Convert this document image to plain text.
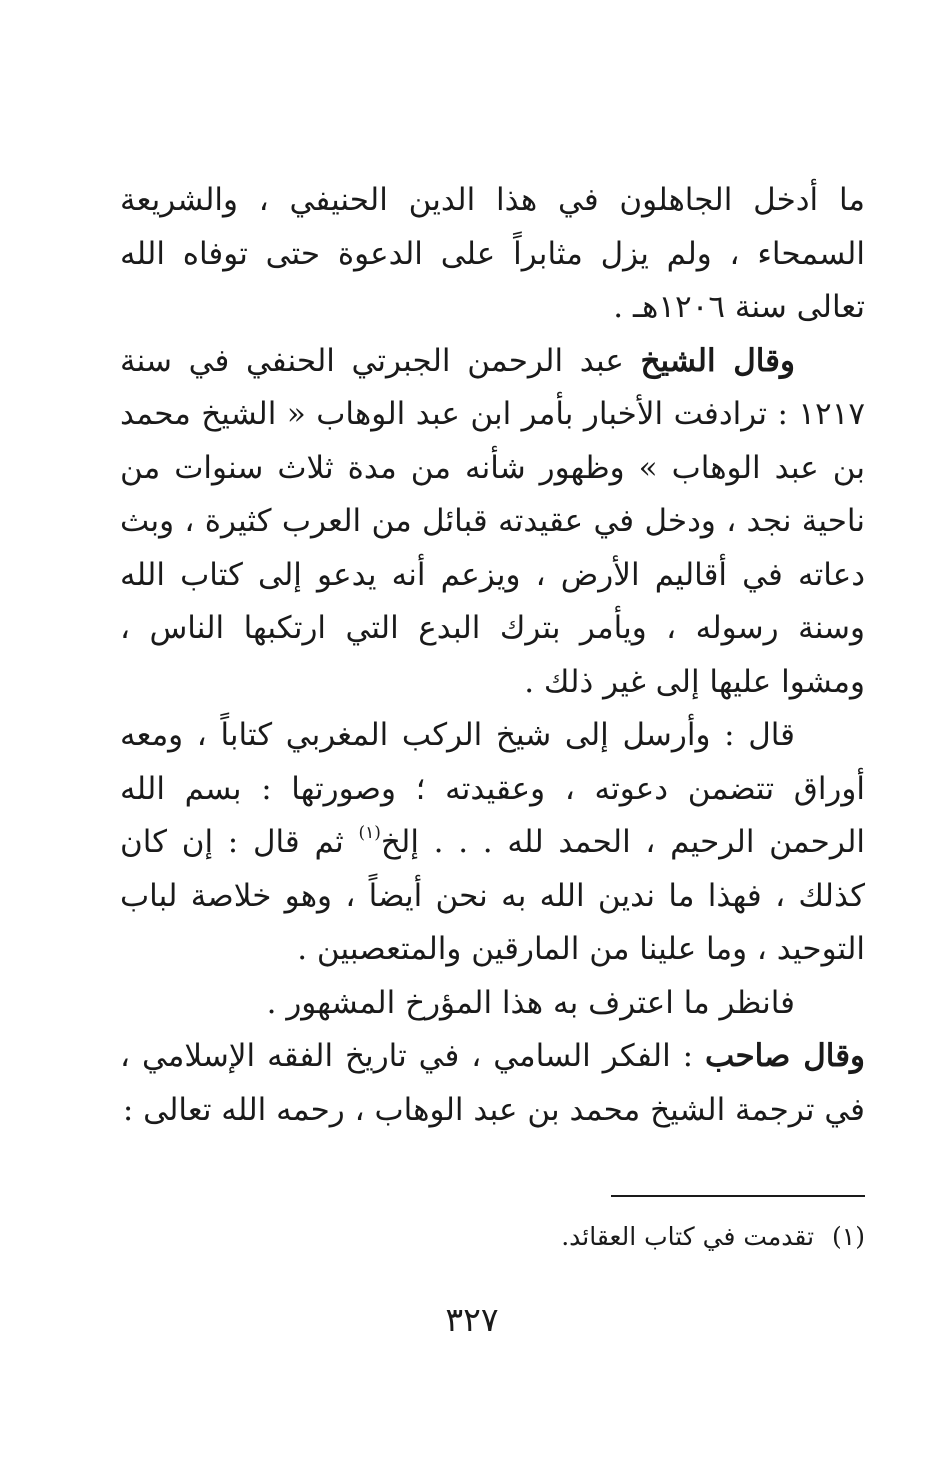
ما أدخل الجاهلون في هذا الدين الحنيفي ، والشريعة السمحاء ، ولم يزل مثابراً على الدعوة حتى توفاه الله تعالى سنة ١٢٠٦هـ .

وقال الشيخ عبد الرحمن الجبرتي الحنفي في سنة ١٢١٧ : ترادفت الأخبار بأمر ابن عبد الوهاب « الشيخ محمد بن عبد الوهاب » وظهور شأنه من مدة ثلاث سنوات من ناحية نجد ، ودخل في عقيدته قبائل من العرب كثيرة ، وبث دعاته في أقاليم الأرض ، ويزعم أنه يدعو إلى كتاب الله وسنة رسوله ، ويأمر بترك البدع التي ارتكبها الناس ، ومشوا عليها إلى غير ذلك .

قال : وأرسل إلى شيخ الركب المغربي كتاباً ، ومعه أوراق تتضمن دعوته ، وعقيدته ؛ وصورتها : بسم الله الرحمن الرحيم ، الحمد لله . . . إلخ$^{(١)}$ ثم قال : إن كان كذلك ، فهذا ما ندين الله به نحن أيضاً ، وهو خلاصة لباب التوحيد ، وما علينا من المارقين والمتعصبين .

فانظر ما اعترف به هذا المؤرخ المشهور .

وقال صاحب : الفكر السامي ، في تاريخ الفقه الإسلامي ، في ترجمة الشيخ محمد بن عبد الوهاب ، رحمه الله تعالى :

(١)تقدمت في كتاب العقائد.
٣٢٧
